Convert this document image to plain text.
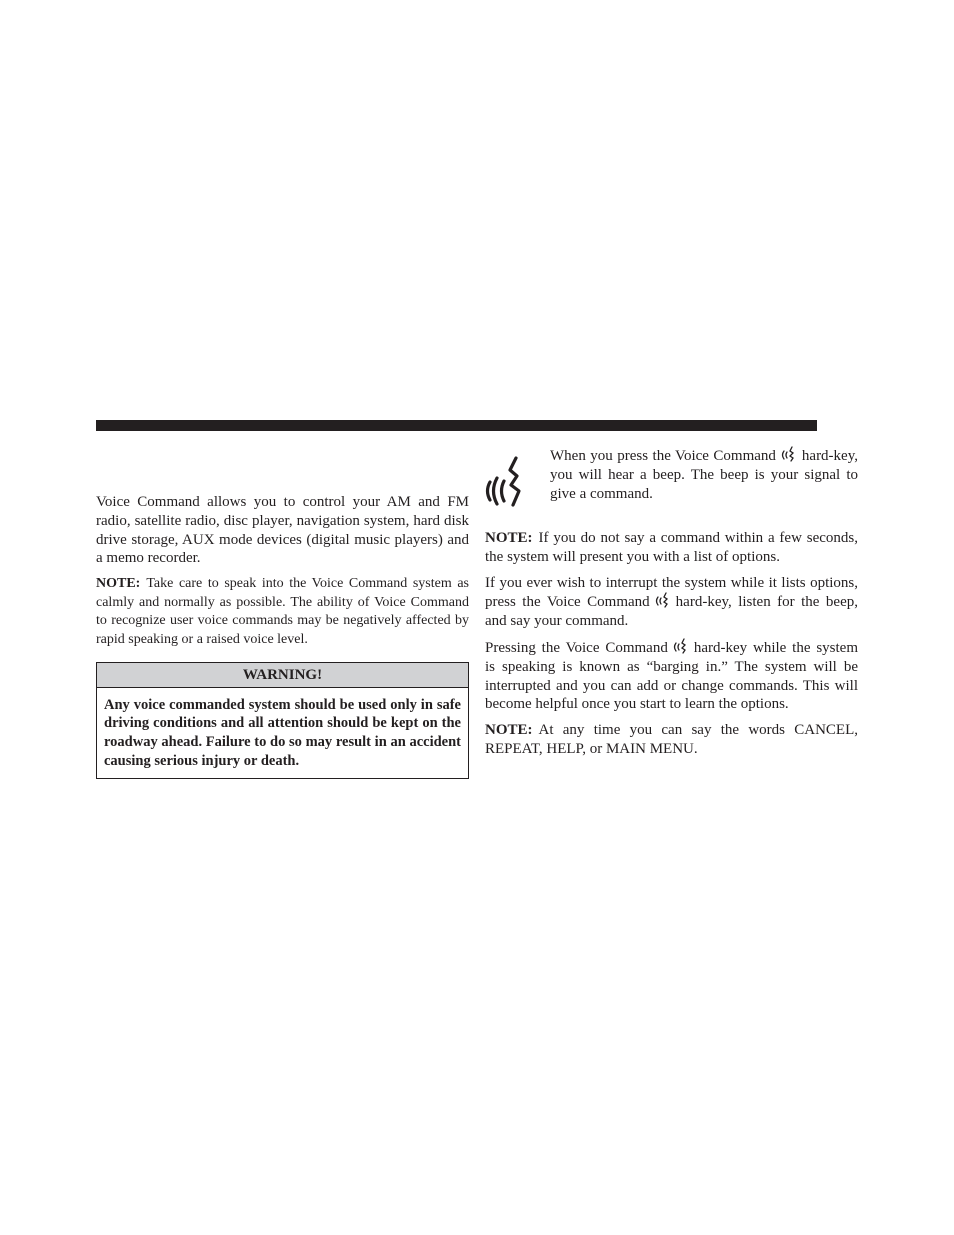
Voice Command allows you to control your AM and FM radio, satellite radio, disc player, navigation system, hard disk drive storage, AUX mode devices (digital music players) and a memo recorder.

NOTE: Take care to speak into the Voice Command system as calmly and normally as possible. The ability of Voice Command to recognize user voice commands may be negatively affected by rapid speaking or a raised voice level.

WARNING!
Any voice commanded system should be used only in safe driving conditions and all attention should be kept on the roadway ahead. Failure to do so may result in an accident causing serious injury or death.
When you press the Voice Command hard-key, you will hear a beep. The beep is your signal to give a command.

NOTE: If you do not say a command within a few seconds, the system will present you with a list of options.

If you ever wish to interrupt the system while it lists options, press the Voice Command hard-key, listen for the beep, and say your command.

Pressing the Voice Command hard-key while the system is speaking is known as “barging in.” The system will be interrupted and you can add or change commands. This will become helpful once you start to learn the options.

NOTE: At any time you can say the words CANCEL, REPEAT, HELP, or MAIN MENU.
